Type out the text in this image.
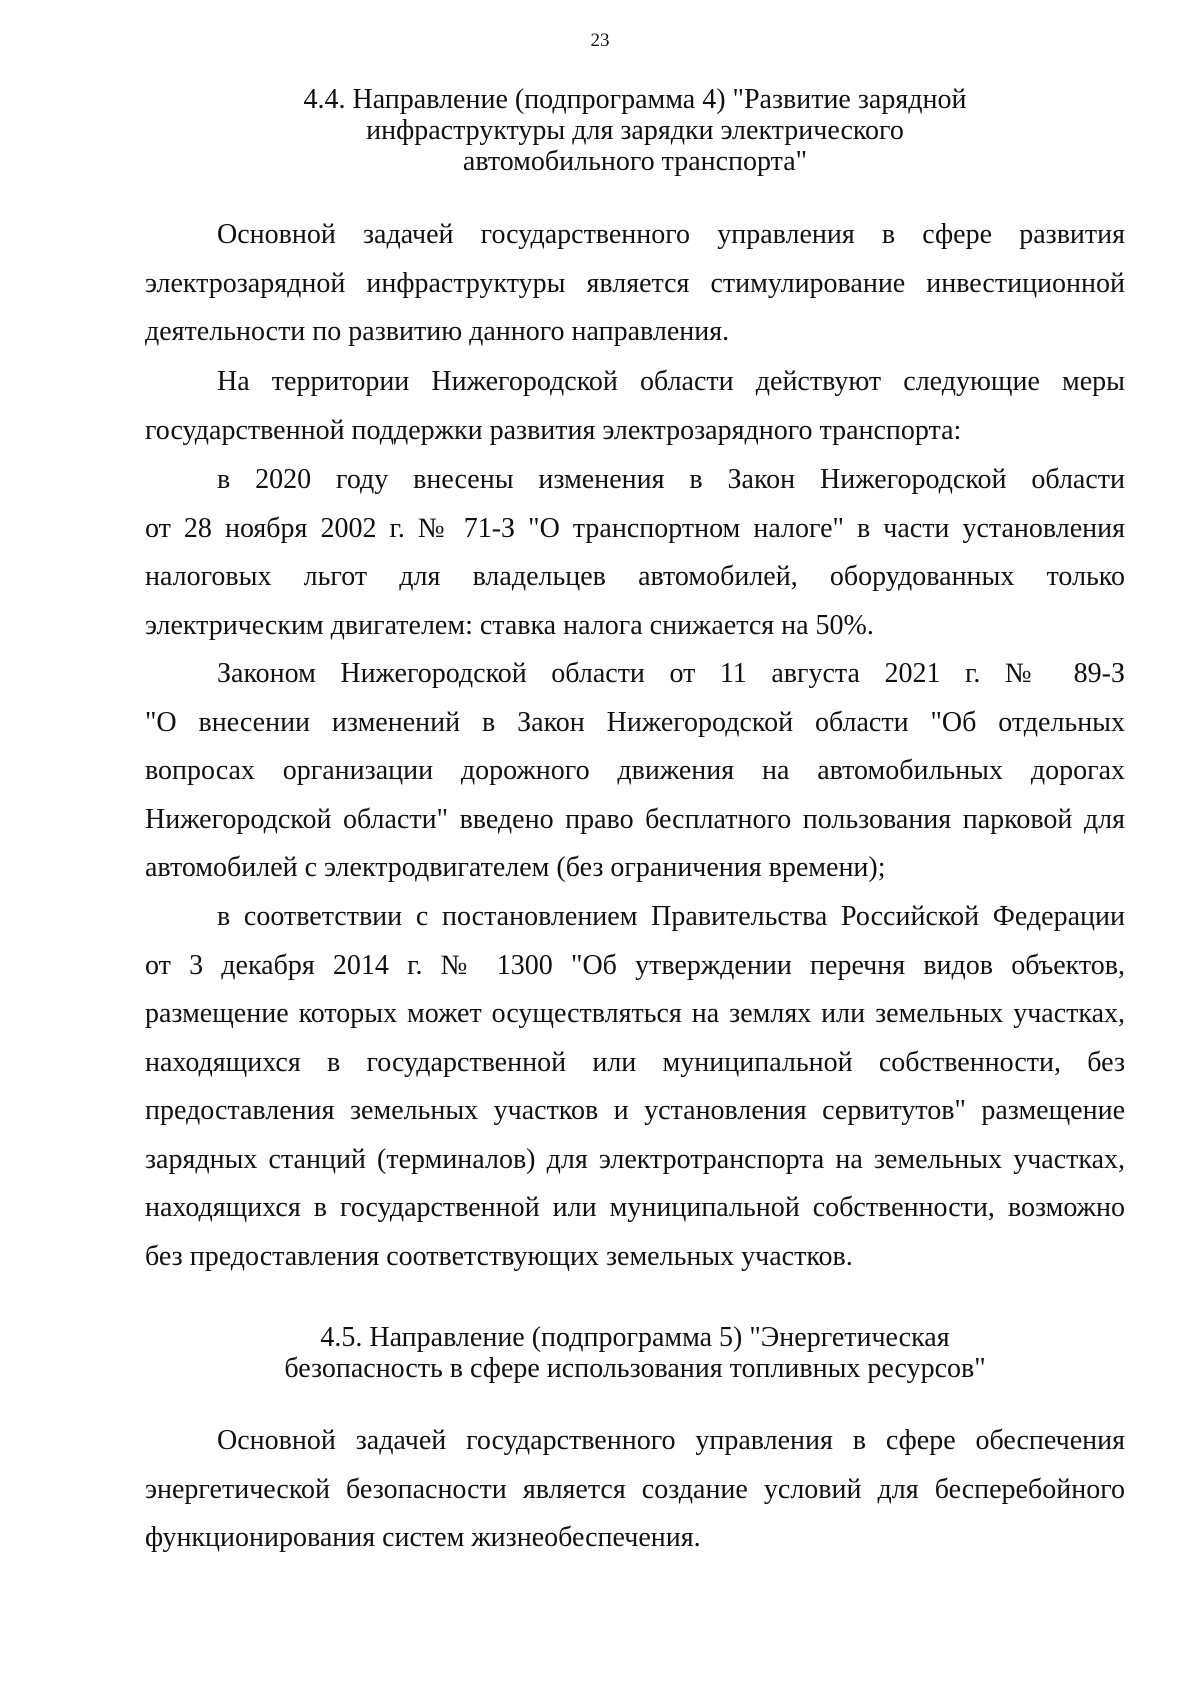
23
4.4. Направление (подпрограмма 4) "Развитие зарядной
инфраструктуры для зарядки электрического
автомобильного транспорта"
Основной задачей государственного управления в сфере развития
электрозарядной инфраструктуры является стимулирование инвестиционной
деятельности по развитию данного направления.
На территории Нижегородской области действуют следующие меры
государственной поддержки развития электрозарядного транспорта:
в 2020 году внесены изменения в Закон Нижегородской области
от 28 ноября 2002 г. № 71-З "О транспортном налоге" в части установления
налоговых льгот для владельцев автомобилей, оборудованных только
электрическим двигателем: ставка налога снижается на 50%.
Законом Нижегородской области от 11 августа 2021 г. № 89-З
"О внесении изменений в Закон Нижегородской области "Об отдельных
вопросах организации дорожного движения на автомобильных дорогах
Нижегородской области" введено право бесплатного пользования парковой для
автомобилей с электродвигателем (без ограничения времени);
в соответствии с постановлением Правительства Российской Федерации
от 3 декабря 2014 г. № 1300 "Об утверждении перечня видов объектов,
размещение которых может осуществляться на землях или земельных участках,
находящихся в государственной или муниципальной собственности, без
предоставления земельных участков и установления сервитутов" размещение
зарядных станций (терминалов) для электротранспорта на земельных участках,
находящихся в государственной или муниципальной собственности, возможно
без предоставления соответствующих земельных участков.
4.5. Направление (подпрограмма 5) "Энергетическая
безопасность в сфере использования топливных ресурсов"
Основной задачей государственного управления в сфере обеспечения
энергетической безопасности является создание условий для бесперебойного
функционирования систем жизнеобеспечения.
